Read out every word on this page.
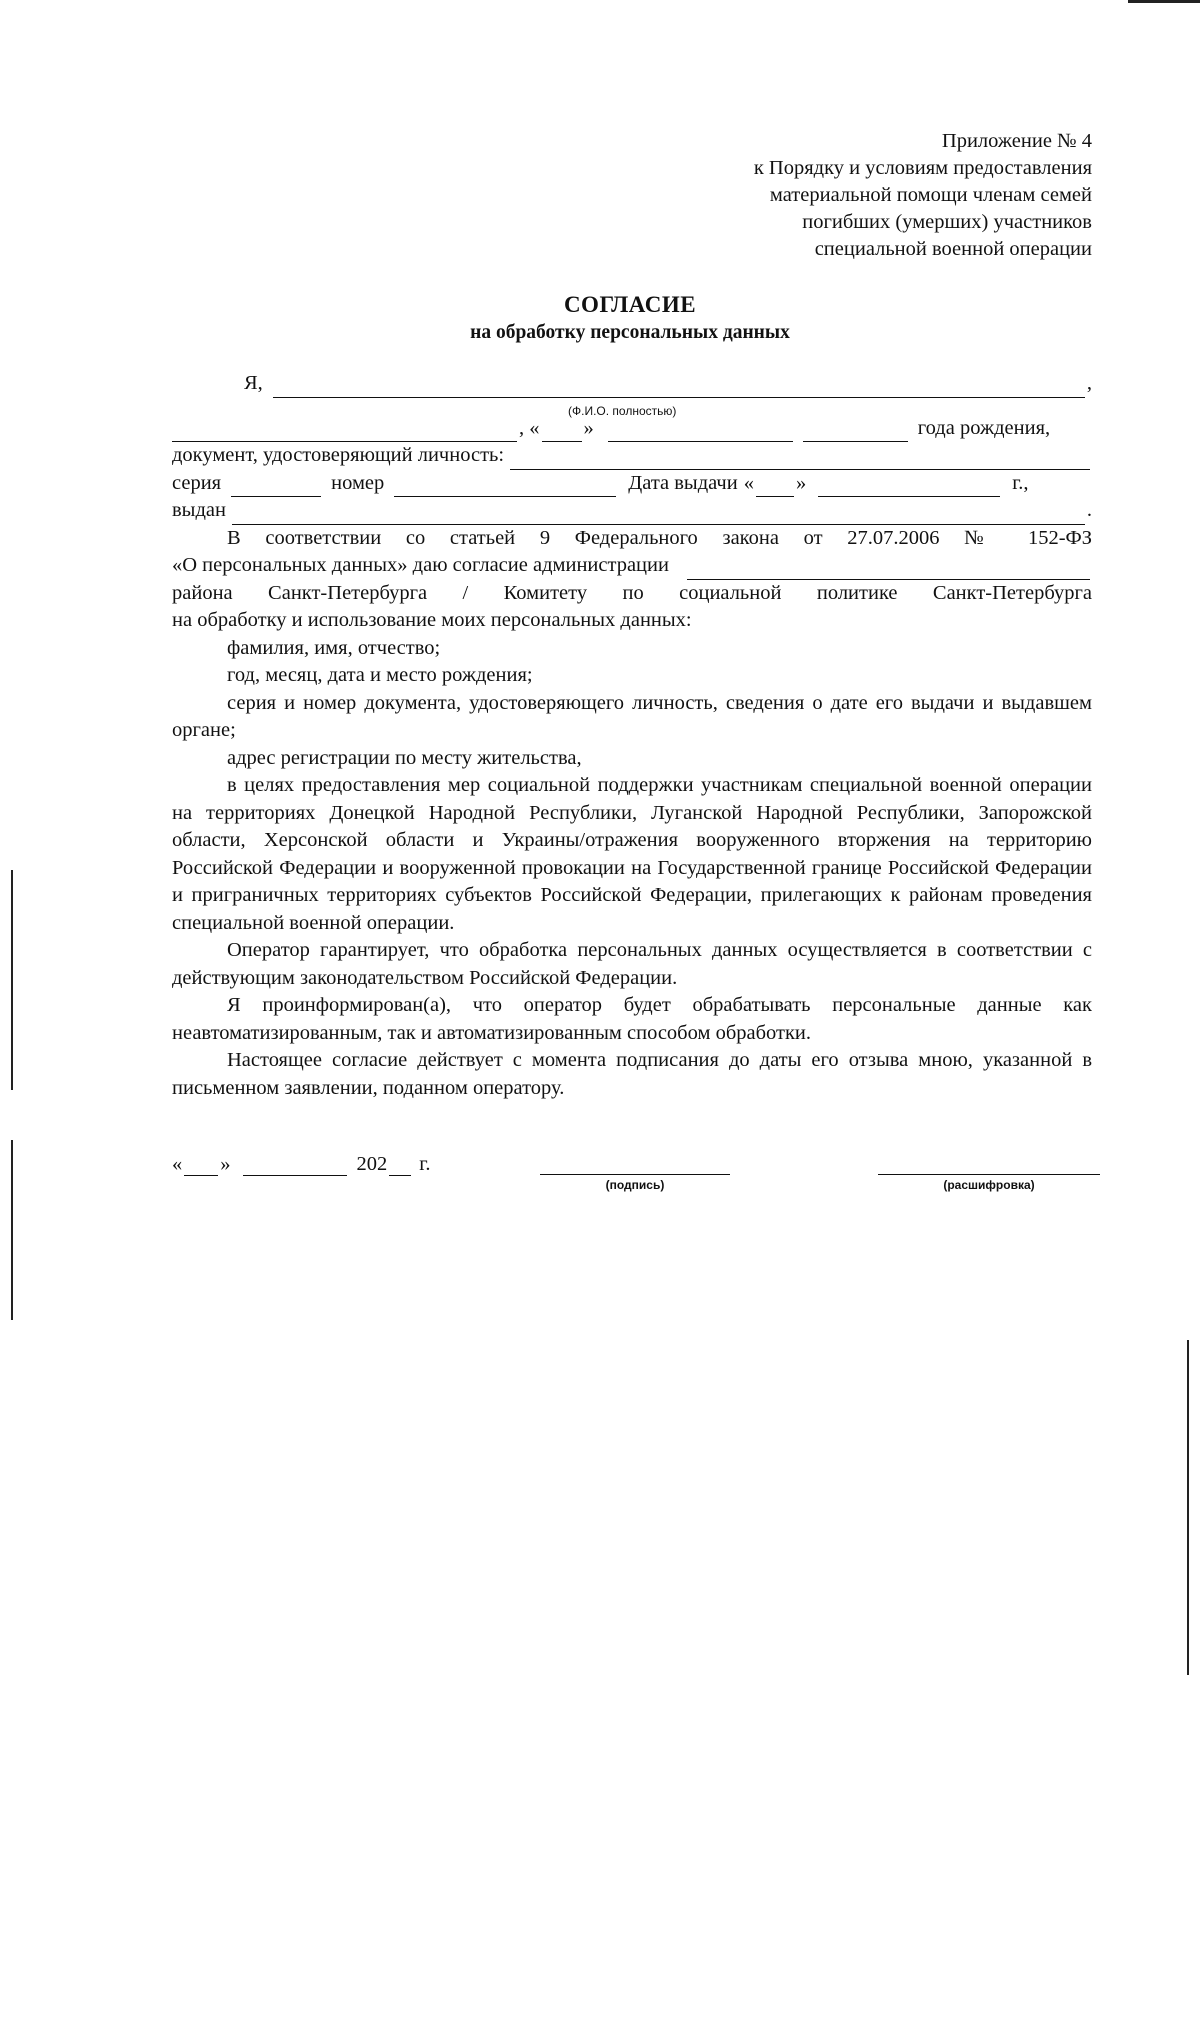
Приложение № 4
к Порядку и условиям предоставления
материальной помощи членам семей
погибших (умерших) участников
специальной военной операции
СОГЛАСИЕ
на обработку персональных данных
Я,	,
(Ф.И.О. полностью)
, « »	года рождения,
документ, удостоверяющий личность:
серия	номер	Дата выдачи « »	г.,
выдан	.

В соответствии со статьей 9 Федерального закона от 27.07.2006 № 152-ФЗ

«О персональных данных» даю согласие администрации

района Санкт-Петербурга / Комитету по социальной политике Санкт-Петербурга

на обработку и использование моих персональных данных:

фамилия, имя, отчество;

год, месяц, дата и место рождения;

серия и номер документа, удостоверяющего личность, сведения о дате его выдачи и выдавшем органе;

адрес регистрации по месту жительства,

в целях предоставления мер социальной поддержки участникам специальной военной операции на территориях Донецкой Народной Республики, Луганской Народной Республики, Запорожской области, Херсонской области и Украины/отражения вооруженного вторжения на территорию Российской Федерации и вооруженной провокации на Государственной границе Российской Федерации и приграничных территориях субъектов Российской Федерации, прилегающих к районам проведения специальной военной операции.

Оператор гарантирует, что обработка персональных данных осуществляется в соответствии с действующим законодательством Российской Федерации.

Я проинформирован(а), что оператор будет обрабатывать персональные данные как неавтоматизированным, так и автоматизированным способом обработки.

Настоящее согласие действует с момента подписания до даты его отзыва мною, указанной в письменном заявлении, поданном оператору.

« »	202 г.
(подпись)	(расшифровка)
